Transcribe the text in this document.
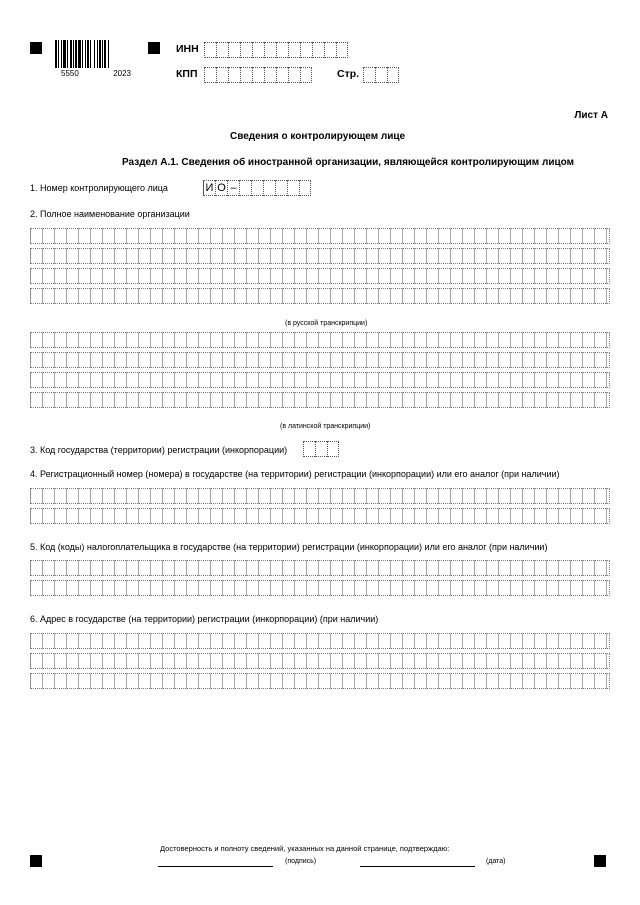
5550	2023
ИНН
КПП	Стр.
Лист А
Сведения о контролирующем лице
Раздел А.1. Сведения об иностранной организации, являющейся контролирующим лицом
1. Номер контролирующего лица	И О –
2. Полное наименование организации
(в русской транскрипции)
(в латинской транскрипции)
3. Код государства (территории) регистрации (инкорпорации)
4. Регистрационный номер (номера) в государстве (на территории) регистрации (инкорпорации) или его аналог (при наличии)
5. Код (коды) налогоплательщика в государстве (на территории) регистрации (инкорпорации) или его аналог (при наличии)
6. Адрес в государстве (на территории) регистрации (инкорпорации) (при наличии)
Достоверность и полноту сведений, указанных на данной странице, подтверждаю:
(подпись)	(дата)
